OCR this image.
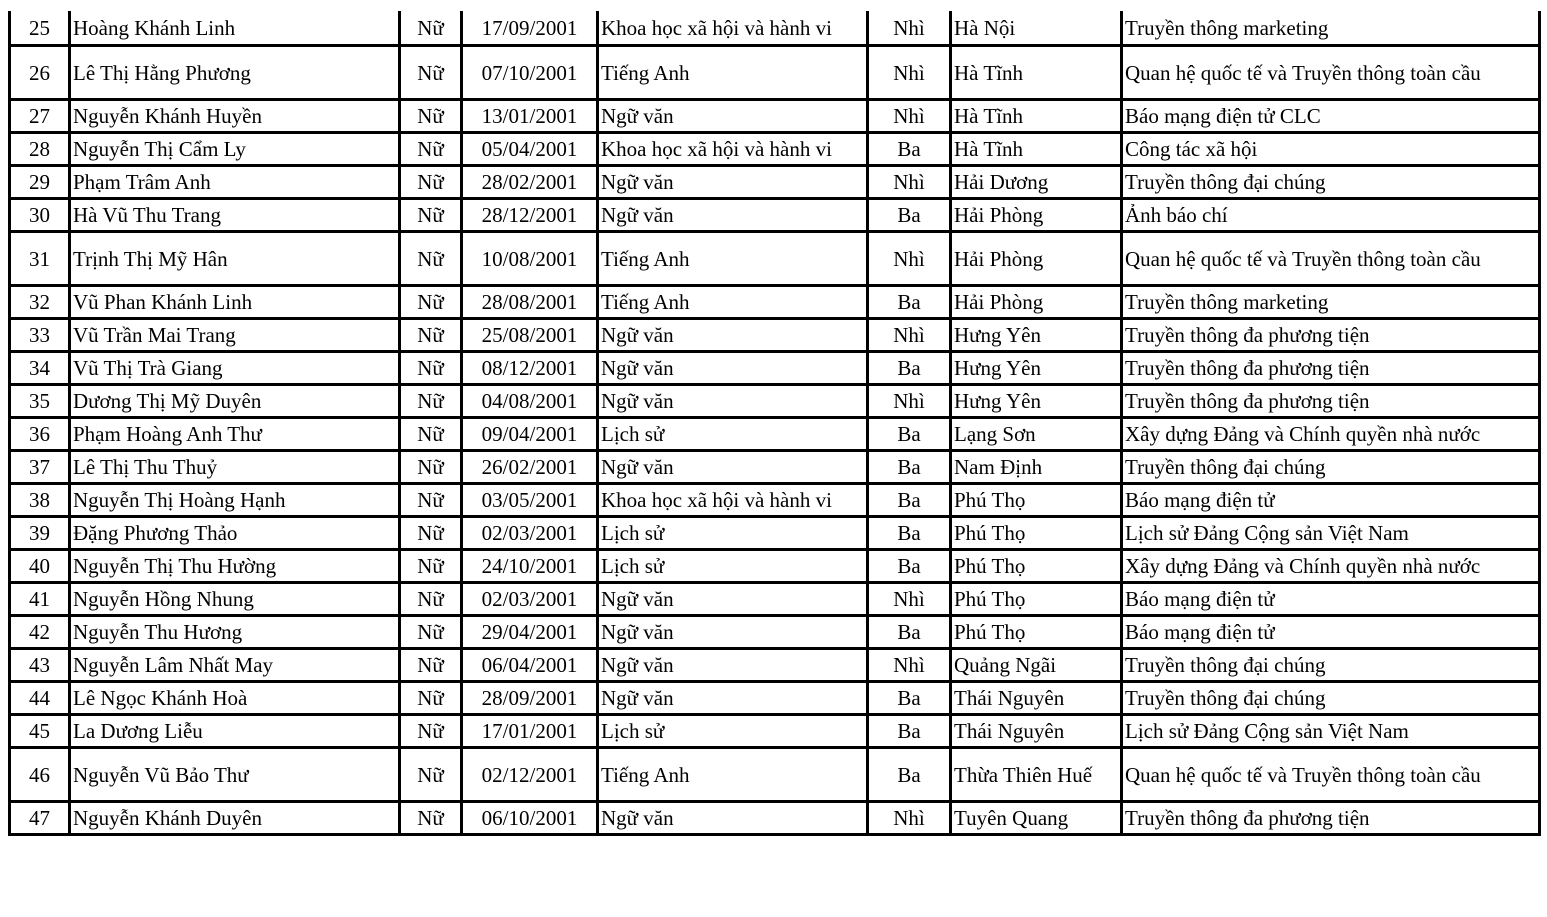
25	Hoàng Khánh Linh	Nữ	17/09/2001	Khoa học xã hội và hành vi	Nhì	Hà Nội	Truyền thông marketing
26	Lê Thị Hằng Phương	Nữ	07/10/2001	Tiếng Anh	Nhì	Hà Tĩnh	Quan hệ quốc tế và Truyền thông toàn cầu
27	Nguyễn Khánh Huyền	Nữ	13/01/2001	Ngữ văn	Nhì	Hà Tĩnh	Báo mạng điện tử CLC
28	Nguyễn Thị Cẩm Ly	Nữ	05/04/2001	Khoa học xã hội và hành vi	Ba	Hà Tĩnh	Công tác xã hội
29	Phạm Trâm Anh	Nữ	28/02/2001	Ngữ văn	Nhì	Hải Dương	Truyền thông đại chúng
30	Hà Vũ Thu Trang	Nữ	28/12/2001	Ngữ văn	Ba	Hải Phòng	Ảnh báo chí
31	Trịnh Thị Mỹ Hân	Nữ	10/08/2001	Tiếng Anh	Nhì	Hải Phòng	Quan hệ quốc tế và Truyền thông toàn cầu
32	Vũ Phan Khánh Linh	Nữ	28/08/2001	Tiếng Anh	Ba	Hải Phòng	Truyền thông marketing
33	Vũ Trần Mai Trang	Nữ	25/08/2001	Ngữ văn	Nhì	Hưng Yên	Truyền thông đa phương tiện
34	Vũ Thị Trà Giang	Nữ	08/12/2001	Ngữ văn	Ba	Hưng Yên	Truyền thông đa phương tiện
35	Dương Thị Mỹ Duyên	Nữ	04/08/2001	Ngữ văn	Nhì	Hưng Yên	Truyền thông đa phương tiện
36	Phạm Hoàng Anh Thư	Nữ	09/04/2001	Lịch sử	Ba	Lạng Sơn	Xây dựng Đảng và Chính quyền nhà nước
37	Lê Thị Thu Thuỷ	Nữ	26/02/2001	Ngữ văn	Ba	Nam Định	Truyền thông đại chúng
38	Nguyễn Thị Hoàng Hạnh	Nữ	03/05/2001	Khoa học xã hội và hành vi	Ba	Phú Thọ	Báo mạng điện tử
39	Đặng Phương Thảo	Nữ	02/03/2001	Lịch sử	Ba	Phú Thọ	Lịch sử Đảng Cộng sản Việt Nam
40	Nguyễn Thị Thu Hường	Nữ	24/10/2001	Lịch sử	Ba	Phú Thọ	Xây dựng Đảng và Chính quyền nhà nước
41	Nguyễn Hồng Nhung	Nữ	02/03/2001	Ngữ văn	Nhì	Phú Thọ	Báo mạng điện tử
42	Nguyễn Thu Hương	Nữ	29/04/2001	Ngữ văn	Ba	Phú Thọ	Báo mạng điện tử
43	Nguyễn Lâm Nhất May	Nữ	06/04/2001	Ngữ văn	Nhì	Quảng Ngãi	Truyền thông đại chúng
44	Lê Ngọc Khánh Hoà	Nữ	28/09/2001	Ngữ văn	Ba	Thái Nguyên	Truyền thông đại chúng
45	La Dương Liễu	Nữ	17/01/2001	Lịch sử	Ba	Thái Nguyên	Lịch sử Đảng Cộng sản Việt Nam
46	Nguyễn Vũ Bảo Thư	Nữ	02/12/2001	Tiếng Anh	Ba	Thừa Thiên Huế	Quan hệ quốc tế và Truyền thông toàn cầu
47	Nguyễn Khánh Duyên	Nữ	06/10/2001	Ngữ văn	Nhì	Tuyên Quang	Truyền thông đa phương tiện
